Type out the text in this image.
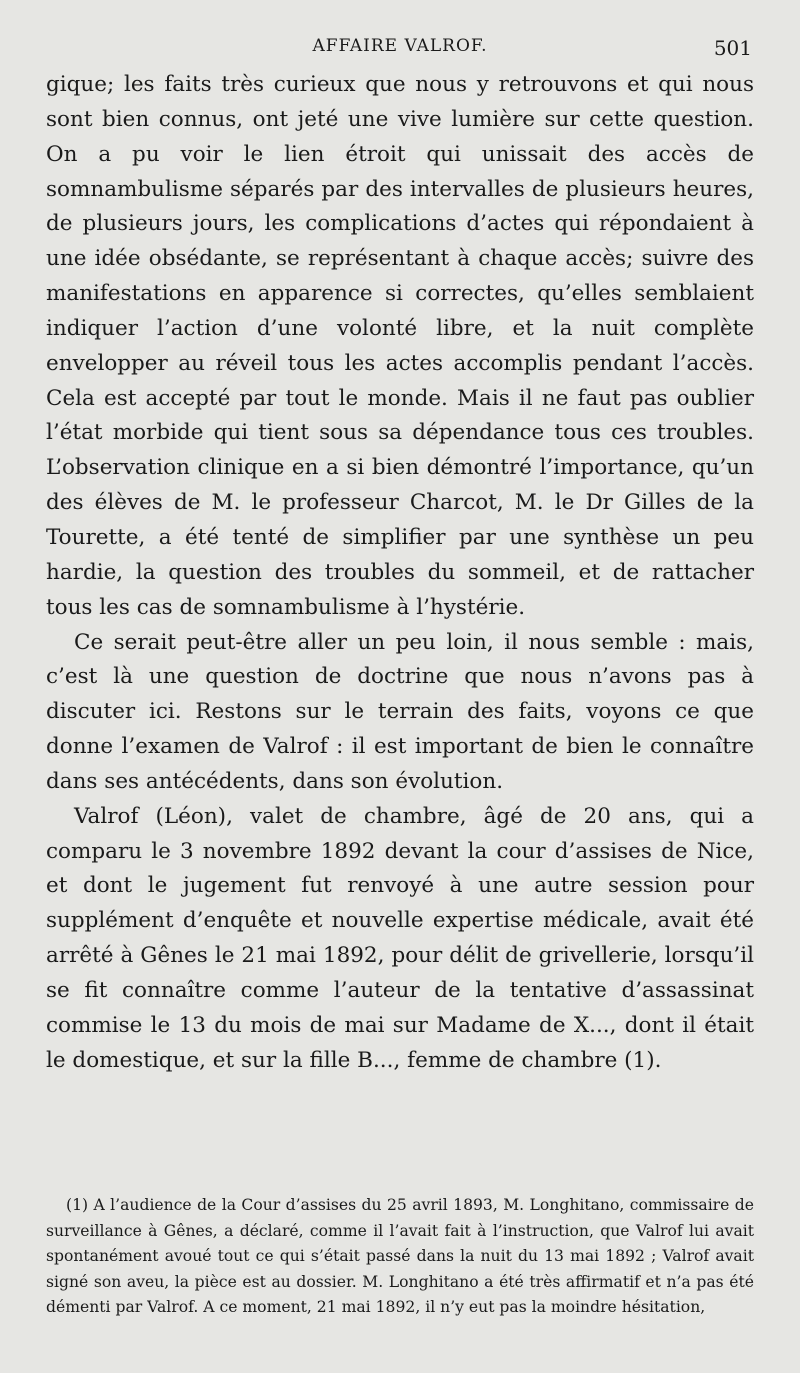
AFFAIRE VALROF.	501

gique; les faits très curieux que nous y retrouvons et qui nous sont bien connus, ont jeté une vive lumière sur cette question. On a pu voir le lien étroit qui unissait des accès de somnambulisme séparés par des intervalles de plusieurs heures, de plusieurs jours, les complications d’actes qui répondaient à une idée obsédante, se représentant à chaque accès; suivre des manifestations en apparence si correctes, qu’elles semblaient indiquer l’action d’une volonté libre, et la nuit complète envelopper au réveil tous les actes accomplis pendant l’accès. Cela est accepté par tout le monde. Mais il ne faut pas oublier l’état morbide qui tient sous sa dépendance tous ces troubles. L’observation clinique en a si bien démontré l’importance, qu’un des élèves de M. le professeur Charcot, M. le Dr Gilles de la Tourette, a été tenté de simplifier par une synthèse un peu hardie, la question des troubles du sommeil, et de rattacher tous les cas de somnambulisme à l’hystérie.

Ce serait peut-être aller un peu loin, il nous semble : mais, c’est là une question de doctrine que nous n’avons pas à discuter ici. Restons sur le terrain des faits, voyons ce que donne l’examen de Valrof : il est important de bien le connaître dans ses antécédents, dans son évolution.

Valrof (Léon), valet de chambre, âgé de 20 ans, qui a comparu le 3 novembre 1892 devant la cour d’assises de Nice, et dont le jugement fut renvoyé à une autre session pour supplément d’enquête et nouvelle expertise médicale, avait été arrêté à Gênes le 21 mai 1892, pour délit de grivellerie, lorsqu’il se fit connaître comme l’auteur de la tentative d’assassinat commise le 13 du mois de mai sur Madame de X..., dont il était le domestique, et sur la fille B..., femme de chambre (1).

(1) A l’audience de la Cour d’assises du 25 avril 1893, M. Longhitano, commissaire de surveillance à Gênes, a déclaré, comme il l’avait fait à l’instruction, que Valrof lui avait spontanément avoué tout ce qui s’était passé dans la nuit du 13 mai 1892 ; Valrof avait signé son aveu, la pièce est au dossier. M. Longhitano a été très affirmatif et n’a pas été démenti par Valrof. A ce moment, 21 mai 1892, il n’y eut pas la moindre hésitation,
